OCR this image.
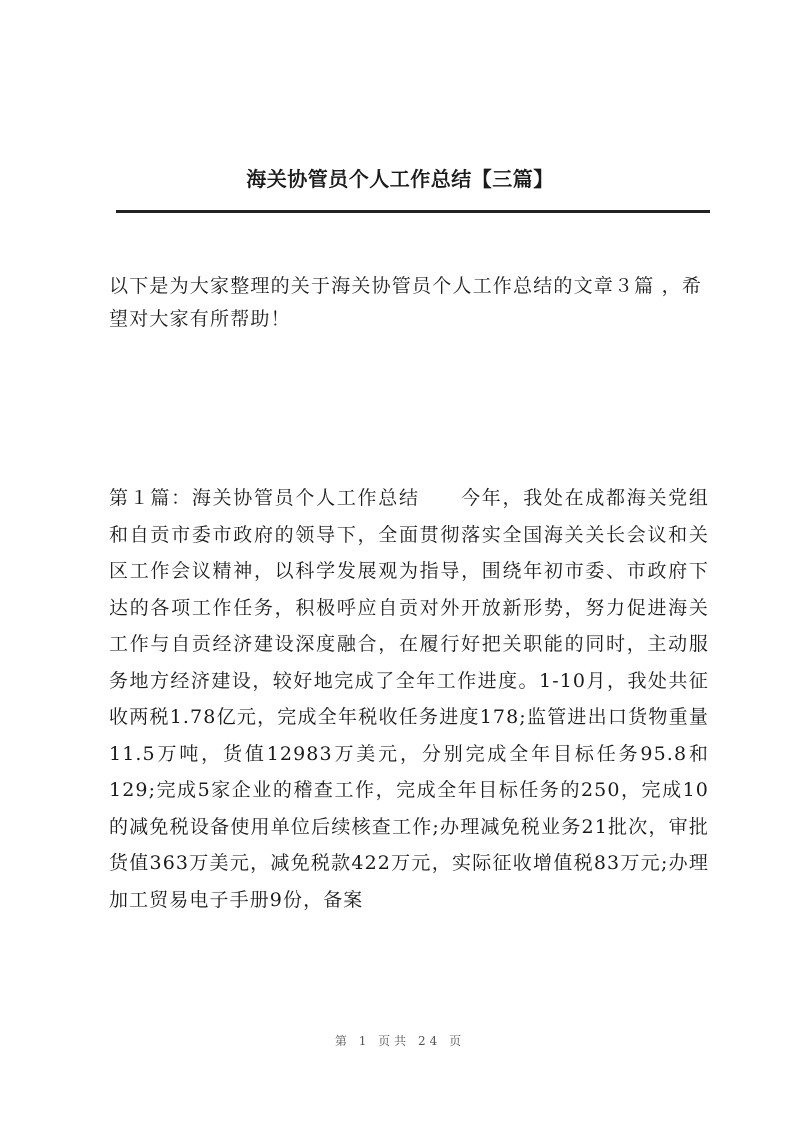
海关协管员个人工作总结【三篇】

以下是为大家整理的关于海关协管员个人工作总结的文章３篇 ，希望对大家有所帮助！

第１篇：海关协管员个人工作总结　　今年，我处在成都海关党组和自贡市委市政府的领导下，全面贯彻落实全国海关关长会议和关区工作会议精神，以科学发展观为指导，围绕年初市委、市政府下达的各项工作任务，积极呼应自贡对外开放新形势，努力促进海关工作与自贡经济建设深度融合，在履行好把关职能的同时，主动服务地方经济建设，较好地完成了全年工作进度。1-10月，我处共征收两税1.78亿元，完成全年税收任务进度178;监管进出口货物重量11.5万吨，货值12983万美元，分别完成全年目标任务95.8和129;完成5家企业的稽查工作，完成全年目标任务的250，完成10的减免税设备使用单位后续核查工作;办理减免税业务21批次，审批货值363万美元，减免税款422万元，实际征收增值税83万元;办理加工贸易电子手册9份，备案

第 1 页共 24 页
